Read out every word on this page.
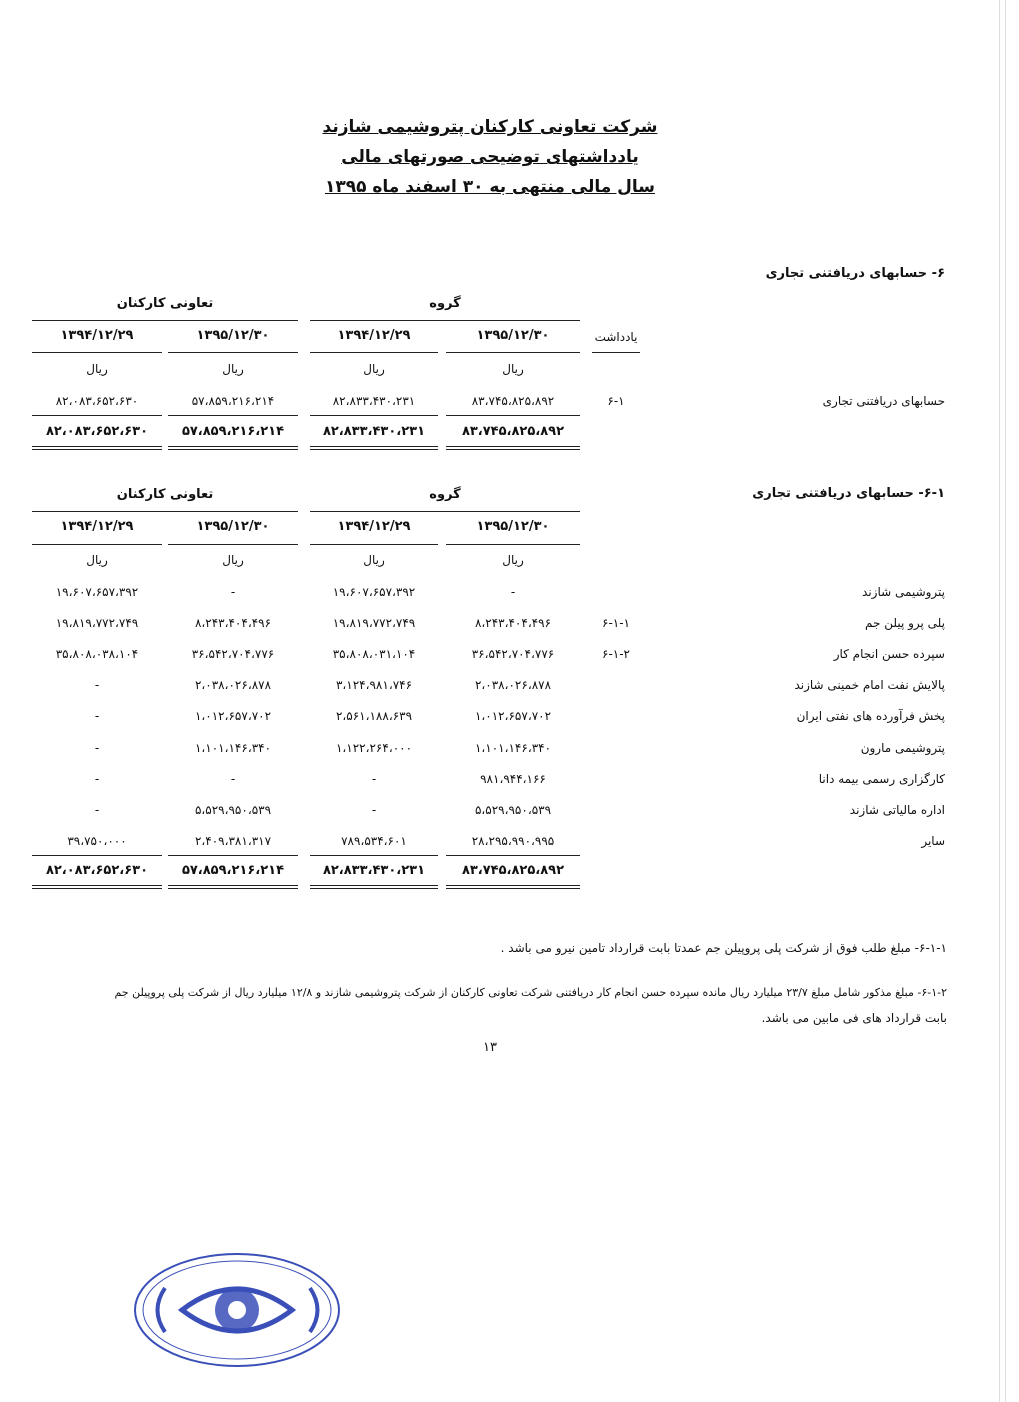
شرکت تعاونی کارکنان پتروشیمی شازند
یادداشتهای توضیحی صورتهای مالی
سال مالی منتهی به ۳۰ اسفند ماه ۱۳۹۵
۶- حسابهای دریافتنی تجاری
گروه
تعاونی کارکنان
۱۳۹۵/۱۲/۳۰
۱۳۹۴/۱۲/۲۹
۱۳۹۵/۱۲/۳۰
۱۳۹۴/۱۲/۲۹	یادداشت
ریال
ریال
ریال
ریال
حسابهای دریافتنی تجاری
۶-۱
۸۳،۷۴۵،۸۲۵،۸۹۲
۸۲،۸۳۳،۴۳۰،۲۳۱
۵۷،۸۵۹،۲۱۶،۲۱۴
۸۲،۰۸۳،۶۵۲،۶۳۰
۸۳،۷۴۵،۸۲۵،۸۹۲
۸۲،۸۳۳،۴۳۰،۲۳۱
۵۷،۸۵۹،۲۱۶،۲۱۴
۸۲،۰۸۳،۶۵۲،۶۳۰
۶-۱- حسابهای دریافتنی تجاری
گروه
تعاونی کارکنان
۱۳۹۵/۱۲/۳۰
۱۳۹۴/۱۲/۲۹
۱۳۹۵/۱۲/۳۰
۱۳۹۴/۱۲/۲۹
ریال
ریال
ریال
ریال
پتروشیمی شازند
-
۱۹،۶۰۷،۶۵۷،۳۹۲
-
۱۹،۶۰۷،۶۵۷،۳۹۲
پلی پرو پیلن جم
۶-۱-۱
۸،۲۴۳،۴۰۴،۴۹۶
۱۹،۸۱۹،۷۷۲،۷۴۹
۸،۲۴۳،۴۰۴،۴۹۶
۱۹،۸۱۹،۷۷۲،۷۴۹
سپرده حسن انجام کار
۶-۱-۲
۳۶،۵۴۲،۷۰۴،۷۷۶
۳۵،۸۰۸،۰۳۱،۱۰۴
۳۶،۵۴۲،۷۰۴،۷۷۶
۳۵،۸۰۸،۰۳۸،۱۰۴
پالایش نفت امام خمینی شازند
۲،۰۳۸،۰۲۶،۸۷۸
۳،۱۲۴،۹۸۱،۷۴۶
۲،۰۳۸،۰۲۶،۸۷۸
-
پخش فرآورده های نفتی ایران
۱،۰۱۲،۶۵۷،۷۰۲
۲،۵۶۱،۱۸۸،۶۳۹
۱،۰۱۲،۶۵۷،۷۰۲
-
پتروشیمی مارون
۱،۱۰۱،۱۴۶،۳۴۰
۱،۱۲۲،۲۶۴،۰۰۰
۱،۱۰۱،۱۴۶،۳۴۰
-
کارگزاری رسمی بیمه دانا
۹۸۱،۹۴۴،۱۶۶
-
-
-
اداره مالیاتی شازند
۵،۵۲۹،۹۵۰،۵۳۹
-
۵،۵۲۹،۹۵۰،۵۳۹
-
سایر
۲۸،۲۹۵،۹۹۰،۹۹۵
۷۸۹،۵۳۴،۶۰۱
۲،۴۰۹،۳۸۱،۳۱۷
۳۹،۷۵۰،۰۰۰
۸۳،۷۴۵،۸۲۵،۸۹۲
۸۲،۸۳۳،۴۳۰،۲۳۱
۵۷،۸۵۹،۲۱۶،۲۱۴
۸۲،۰۸۳،۶۵۲،۶۳۰
۶-۱-۱- مبلغ طلب فوق از شرکت پلی پروپیلن جم عمدتا بابت قرارداد تامین نیرو می باشد .
۶-۱-۲- مبلغ مذکور شامل مبلغ ۲۳/۷ میلیارد ریال مانده سپرده حسن انجام کار دریافتنی شرکت تعاونی کارکنان از شرکت پتروشیمی شازند و ۱۲/۸ میلیارد ریال از شرکت پلی پروپیلن جم
بابت قرارداد های فی مابین می باشد.
۱۳
